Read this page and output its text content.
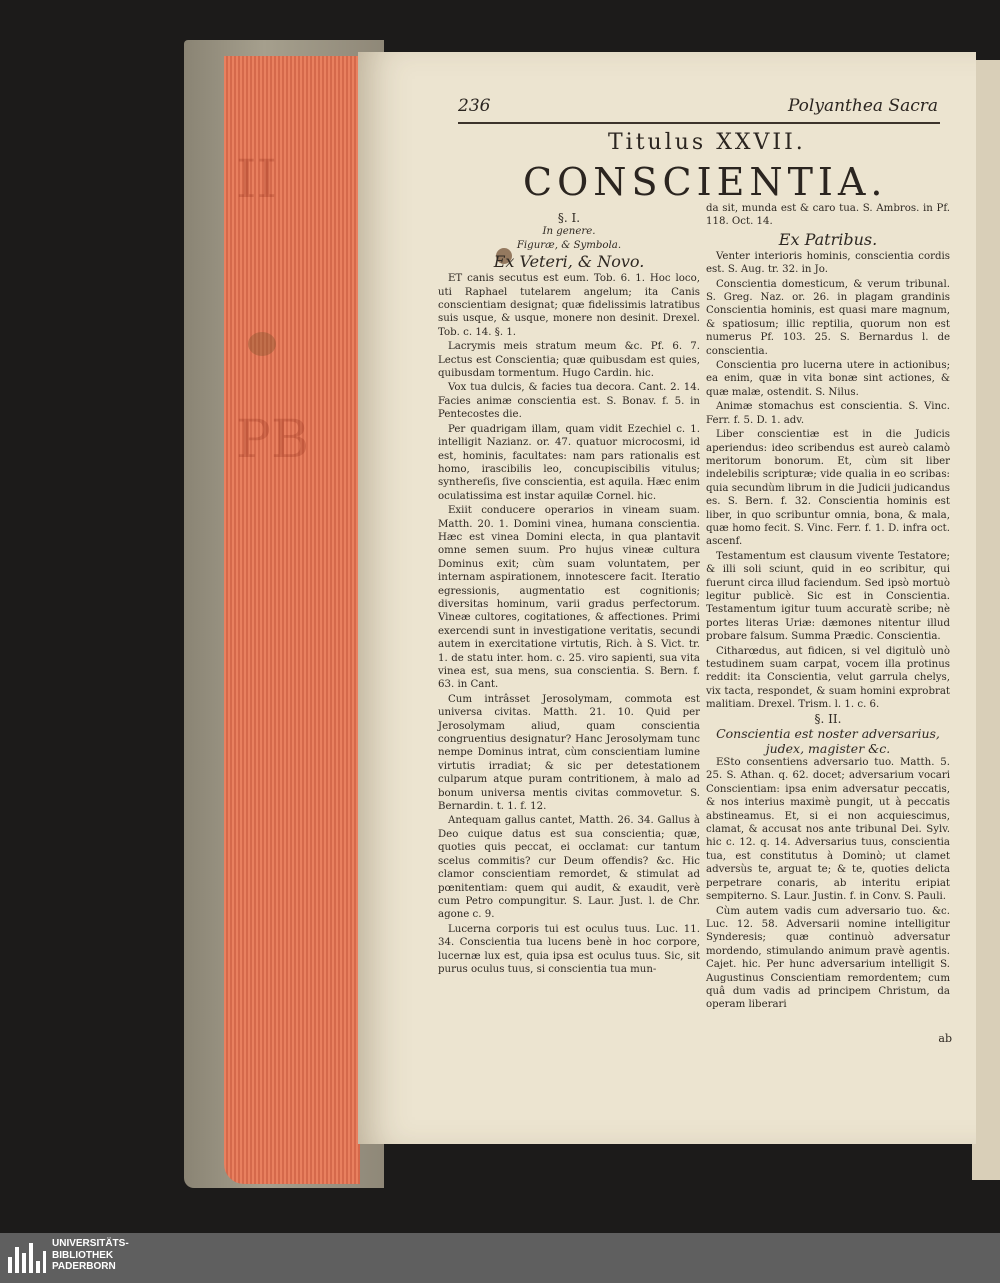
II
PB
236	Polyanthea Sacra
Titulus XXVII.
CONSCIENTIA.

§. I.

In genere.

Figuræ, & Symbola.

Ex Veteri, & Novo.

ET canis secutus est eum. Tob. 6. 1. Hoc loco, uti Raphael tutelarem angelum; ita Canis conscientiam designat; quæ fidelissimis latratibus suis usque, & usque, monere non desinit. Drexel. Tob. c. 14. §. 1.

Lacrymis meis stratum meum &c. Pf. 6. 7. Lectus est Conscientia; quæ quibusdam est quies, quibusdam tormentum. Hugo Cardin. hic.

Vox tua dulcis, & facies tua decora. Cant. 2. 14. Facies animæ conscientia est. S. Bonav. f. 5. in Pentecostes die.

Per quadrigam illam, quam vidit Ezechiel c. 1. intelligit Nazianz. or. 47. quatuor microcosmi, id est, hominis, facultates: nam pars rationalis est homo, irascibilis leo, concupiscibilis vitulus; synthereſis, ſive conscientia, est aquila. Hæc enim oculatissima est instar aquilæ Cornel. hic.

Exiit conducere operarios in vineam suam. Matth. 20. 1. Domini vinea, humana conscientia. Hæc est vinea Domini electa, in qua plantavit omne semen suum. Pro hujus vineæ cultura Dominus exit; cùm suam voluntatem, per internam aspirationem, innotescere facit. Iteratio egressionis, augmentatio est cognitionis; diversitas hominum, varii gradus perfectorum. Vineæ cultores, cogitationes, & affectiones. Primi exercendi sunt in investigatione veritatis, secundi autem in exercitatione virtutis, Rich. à S. Vict. tr. 1. de statu inter. hom. c. 25. viro sapienti, sua vita vinea est, sua mens, sua conscientia. S. Bern. f. 63. in Cant.

Cum intrâsset Jerosolymam, commota est universa civitas. Matth. 21. 10. Quid per Jerosolymam aliud, quam conscientia congruentius designatur? Hanc Jerosolymam tunc nempe Dominus intrat, cùm conscientiam lumine virtutis irradiat; & sic per detestationem culparum atque puram contritionem, à malo ad bonum universa mentis civitas commovetur. S. Bernardin. t. 1. f. 12.

Antequam gallus cantet, Matth. 26. 34. Gallus à Deo cuique datus est sua conscientia; quæ, quoties quis peccat, ei occlamat: cur tantum scelus commitis? cur Deum offendis? &c. Hic clamor conscientiam remordet, & stimulat ad pœnitentiam: quem qui audit, & exaudit, verè cum Petro compungitur. S. Laur. Just. l. de Chr. agone c. 9.

Lucerna corporis tui est oculus tuus. Luc. 11. 34. Conscientia tua lucens benè in hoc corpore, lucernæ lux est, quia ipsa est oculus tuus. Sic, sit purus oculus tuus, si conscientia tua mun-

da sit, munda est & caro tua. S. Ambros. in Pf. 118. Oct. 14.

Ex Patribus.

Venter interioris hominis, conscientia cordis est. S. Aug. tr. 32. in Jo.

Conscientia domesticum, & verum tribunal. S. Greg. Naz. or. 26. in plagam grandinis Conscientia hominis, est quasi mare magnum, & spatiosum; illic reptilia, quorum non est numerus Pf. 103. 25. S. Bernardus l. de conscientia.

Conscientia pro lucerna utere in actionibus; ea enim, quæ in vita bonæ sint actiones, & quæ malæ, ostendit. S. Nilus.

Animæ stomachus est conscientia. S. Vinc. Ferr. f. 5. D. 1. adv.

Liber conscientiæ est in die Judicis aperiendus: ideo scribendus est aureò calamò meritorum bonorum. Et, cùm sit liber indelebilis scripturæ; vide qualia in eo scribas: quia secundùm librum in die Judicii judicandus es. S. Bern. f. 32. Conscientia hominis est liber, in quo scribuntur omnia, bona, & mala, quæ homo fecit. S. Vinc. Ferr. f. 1. D. infra oct. ascenf.

Testamentum est clausum vivente Testatore; & illi soli sciunt, quid in eo scribitur, qui fuerunt circa illud faciendum. Sed ipsò mortuò legitur publicè. Sic est in Conscientia. Testamentum igitur tuum accuratè scribe; nè portes literas Uriæ: dæmones nitentur illud probare falsum. Summa Prædic. Conscientia.

Citharœdus, aut fidicen, si vel digitulò unò testudinem suam carpat, vocem illa protinus reddit: ita Conscientia, velut garrula chelys, vix tacta, respondet, & suam homini exprobrat malitiam. Drexel. Trism. l. 1. c. 6.

§. II.

Conscientia est noster adversarius, judex, magister &c.

ESto consentiens adversario tuo. Matth. 5. 25. S. Athan. q. 62. docet; adversarium vocari Conscientiam: ipsa enim adversatur peccatis, & nos interius maximè pungit, ut à peccatis abstineamus. Et, si ei non acquiescimus, clamat, & accusat nos ante tribunal Dei. Sylv. hic c. 12. q. 14. Adversarius tuus, conscientia tua, est constitutus à Dominò; ut clamet adversùs te, arguat te; & te, quoties delicta perpetrare conaris, ab interitu eripiat sempiterno. S. Laur. Justin. f. in Conv. S. Pauli.

Cùm autem vadis cum adversario tuo. &c. Luc. 12. 58. Adversarii nomine intelligitur Synderesis; quæ continuò adversatur mordendo, stimulando animum pravè agentis. Cajet. hic. Per hunc adversarium intelligit S. Augustinus Conscientiam remordentem; cum quâ dum vadis ad principem Christum, da operam liberari

ab
UNIVERSITÄTS-
BIBLIOTHEK
PADERBORN
